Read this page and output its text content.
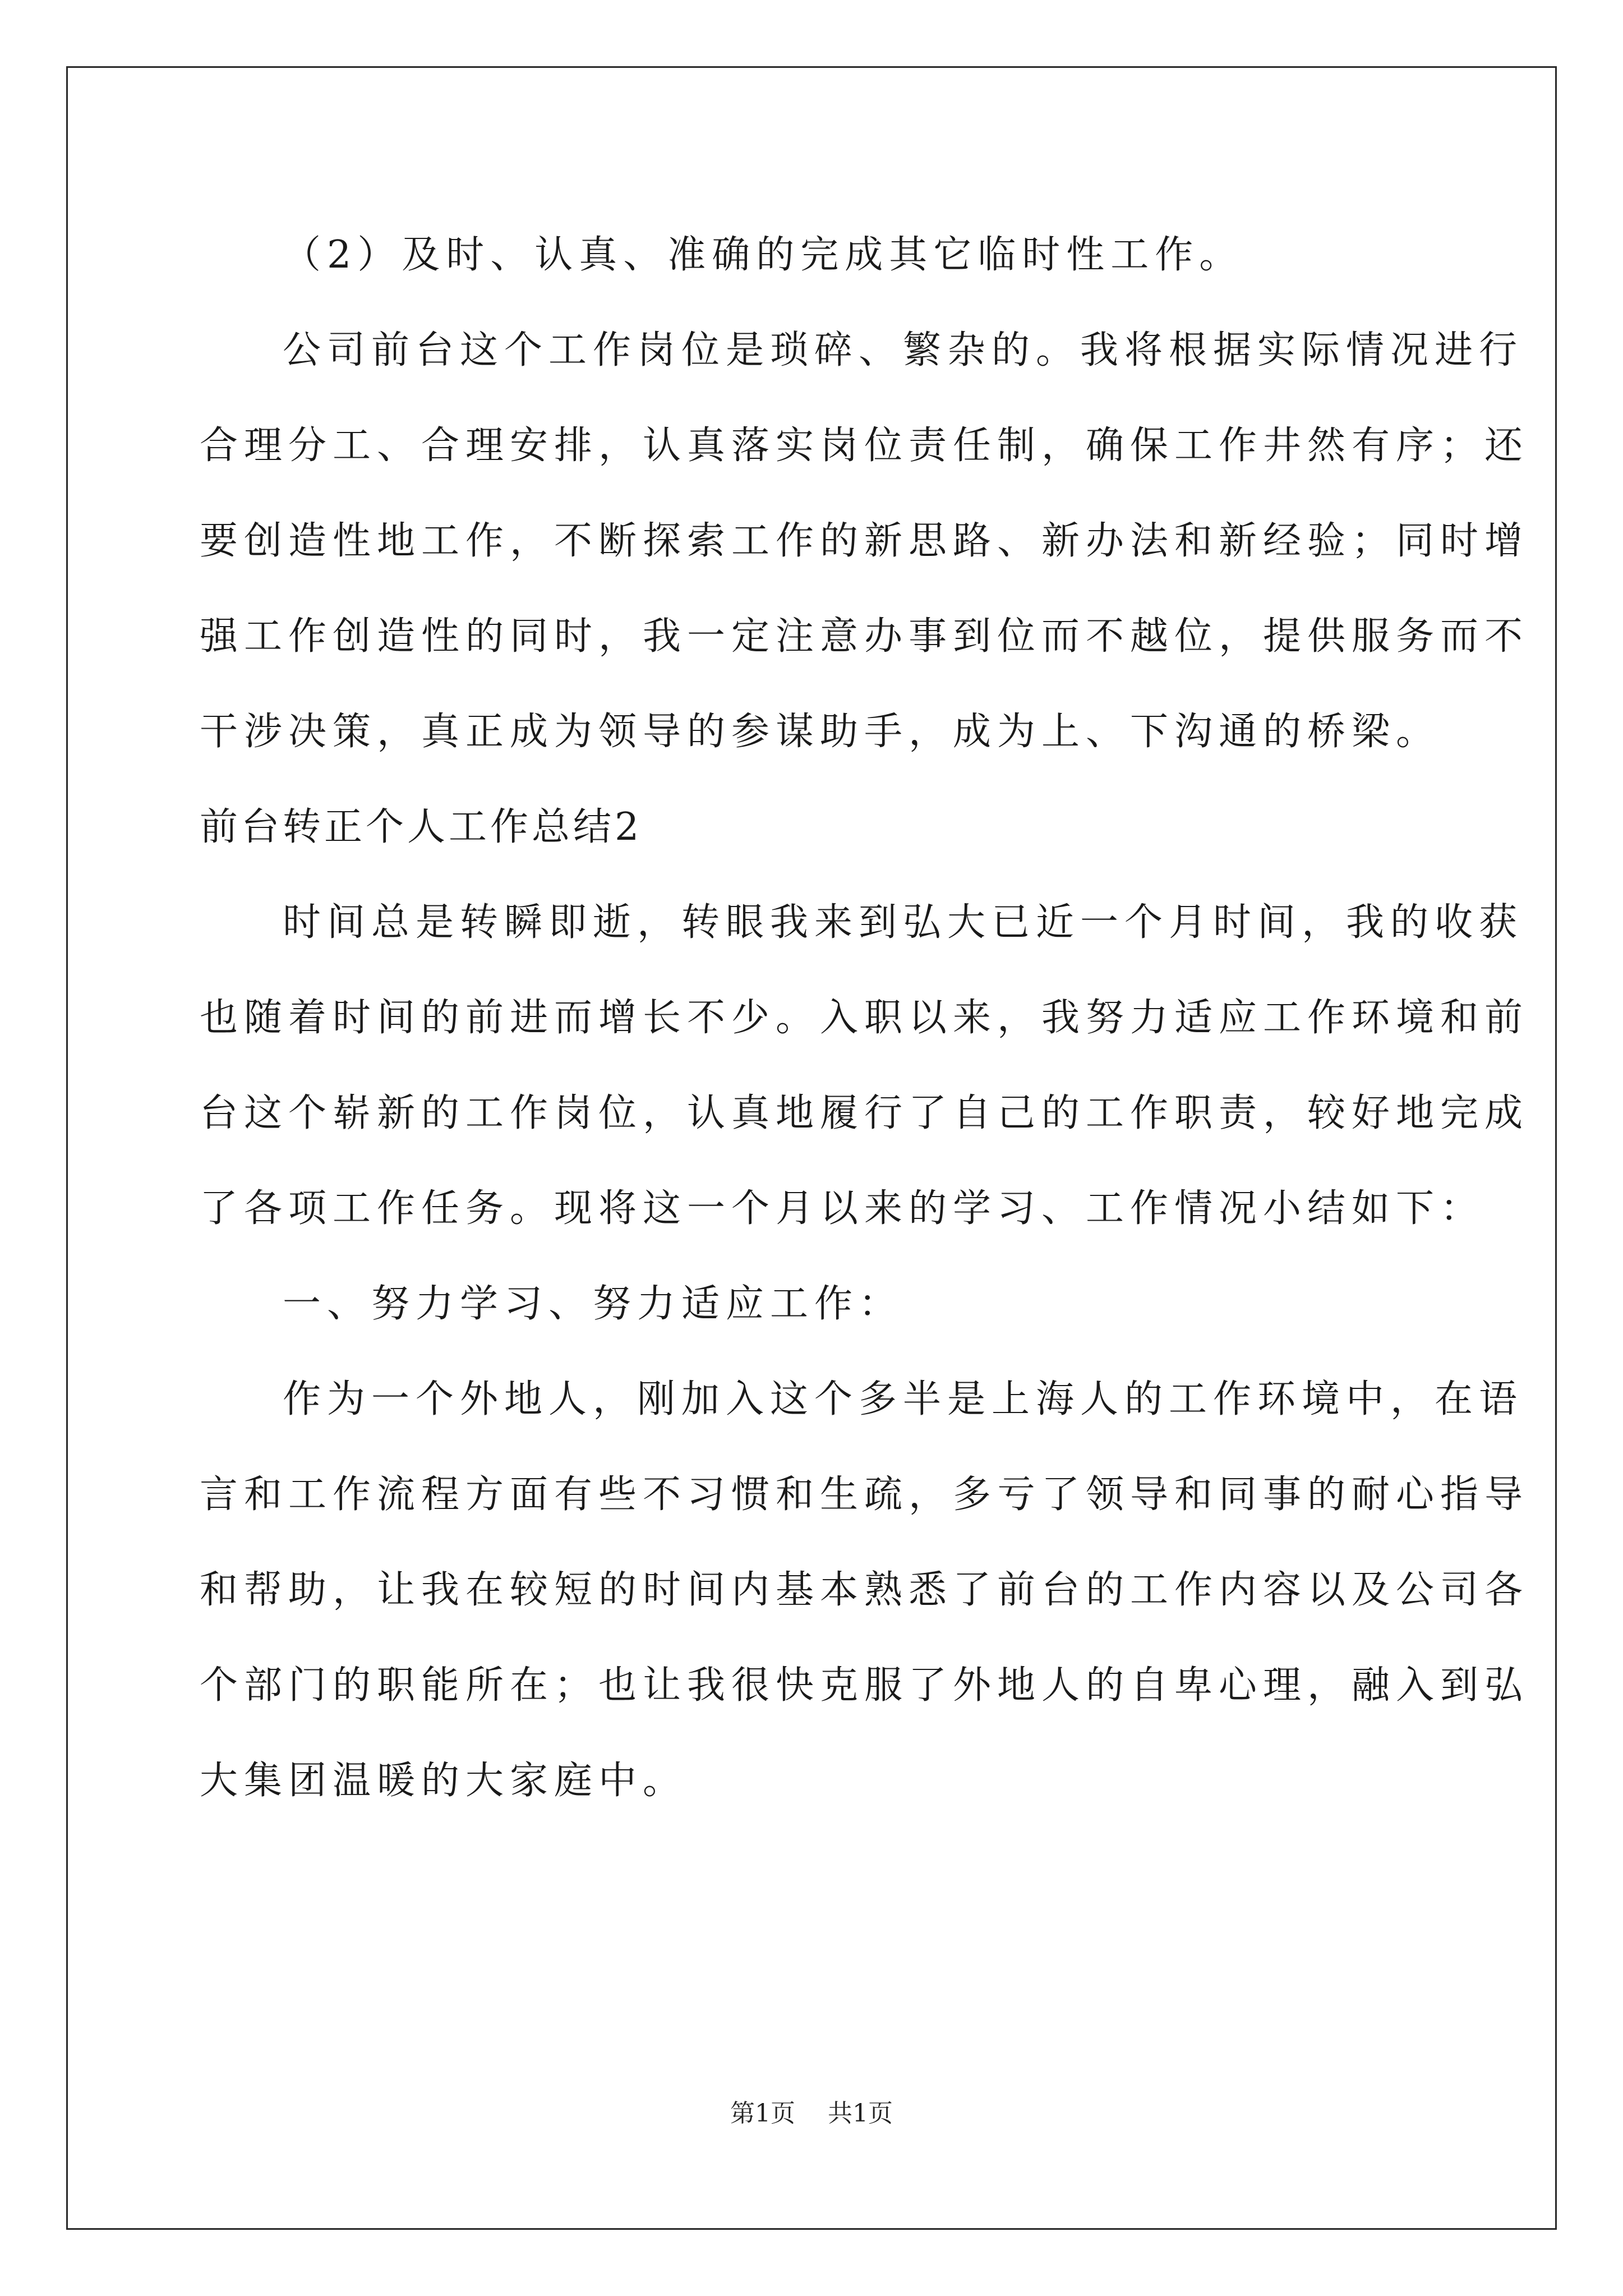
（2）及时、认真、准确的完成其它临时性工作。
公司前台这个工作岗位是琐碎、繁杂的。我将根据实际情况进行
合理分工、合理安排，认真落实岗位责任制，确保工作井然有序；还
要创造性地工作，不断探索工作的新思路、新办法和新经验；同时增
强工作创造性的同时，我一定注意办事到位而不越位，提供服务而不
干涉决策，真正成为领导的参谋助手，成为上、下沟通的桥梁。
前台转正个人工作总结2
时间总是转瞬即逝，转眼我来到弘大已近一个月时间，我的收获
也随着时间的前进而增长不少。入职以来，我努力适应工作环境和前
台这个崭新的工作岗位，认真地履行了自己的工作职责，较好地完成
了各项工作任务。现将这一个月以来的学习、工作情况小结如下：
一、努力学习、努力适应工作：
作为一个外地人，刚加入这个多半是上海人的工作环境中，在语
言和工作流程方面有些不习惯和生疏，多亏了领导和同事的耐心指导
和帮助，让我在较短的时间内基本熟悉了前台的工作内容以及公司各
个部门的职能所在；也让我很快克服了外地人的自卑心理，融入到弘
大集团温暖的大家庭中。
第1页 共1页
